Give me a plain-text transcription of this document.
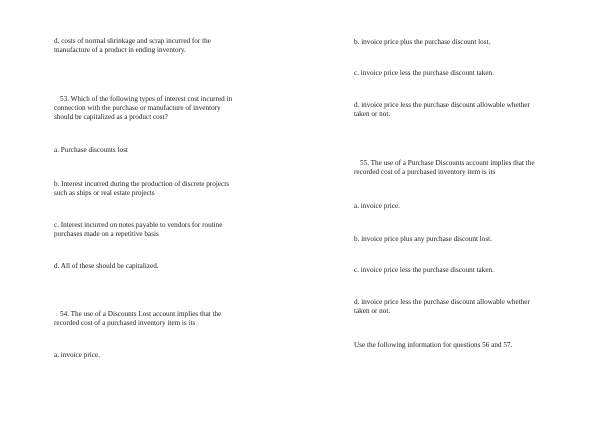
d. costs of normal shrinkage and scrap incurred for the

manufacture of a product in ending inventory.

53. Which of the following types of interest cost incurred in

connection with the purchase or manufacture of inventory

should be capitalized as a product cost?

a. Purchase discounts lost

b. Interest incurred during the production of discrete projects

such as ships or real estate projects

c. Interest incurred on notes payable to vendors for routine

purchases made on a repetitive basis

d. All of these should be capitalized.

54. The use of a Discounts Lost account implies that the

recorded cost of a purchased inventory item is its

a. invoice price.

b. invoice price plus the purchase discount lost.

c. invoice price less the purchase discount taken.

d. invoice price less the purchase discount allowable whether

taken or not.

55. The use of a Purchase Discounts account implies that the

recorded cost of a purchased inventory item is its

a. invoice price.

b. invoice price plus any purchase discount lost.

c. invoice price less the purchase discount taken.

d. invoice price less the purchase discount allowable whether

taken or not.

Use the following information for questions 56 and 57.
